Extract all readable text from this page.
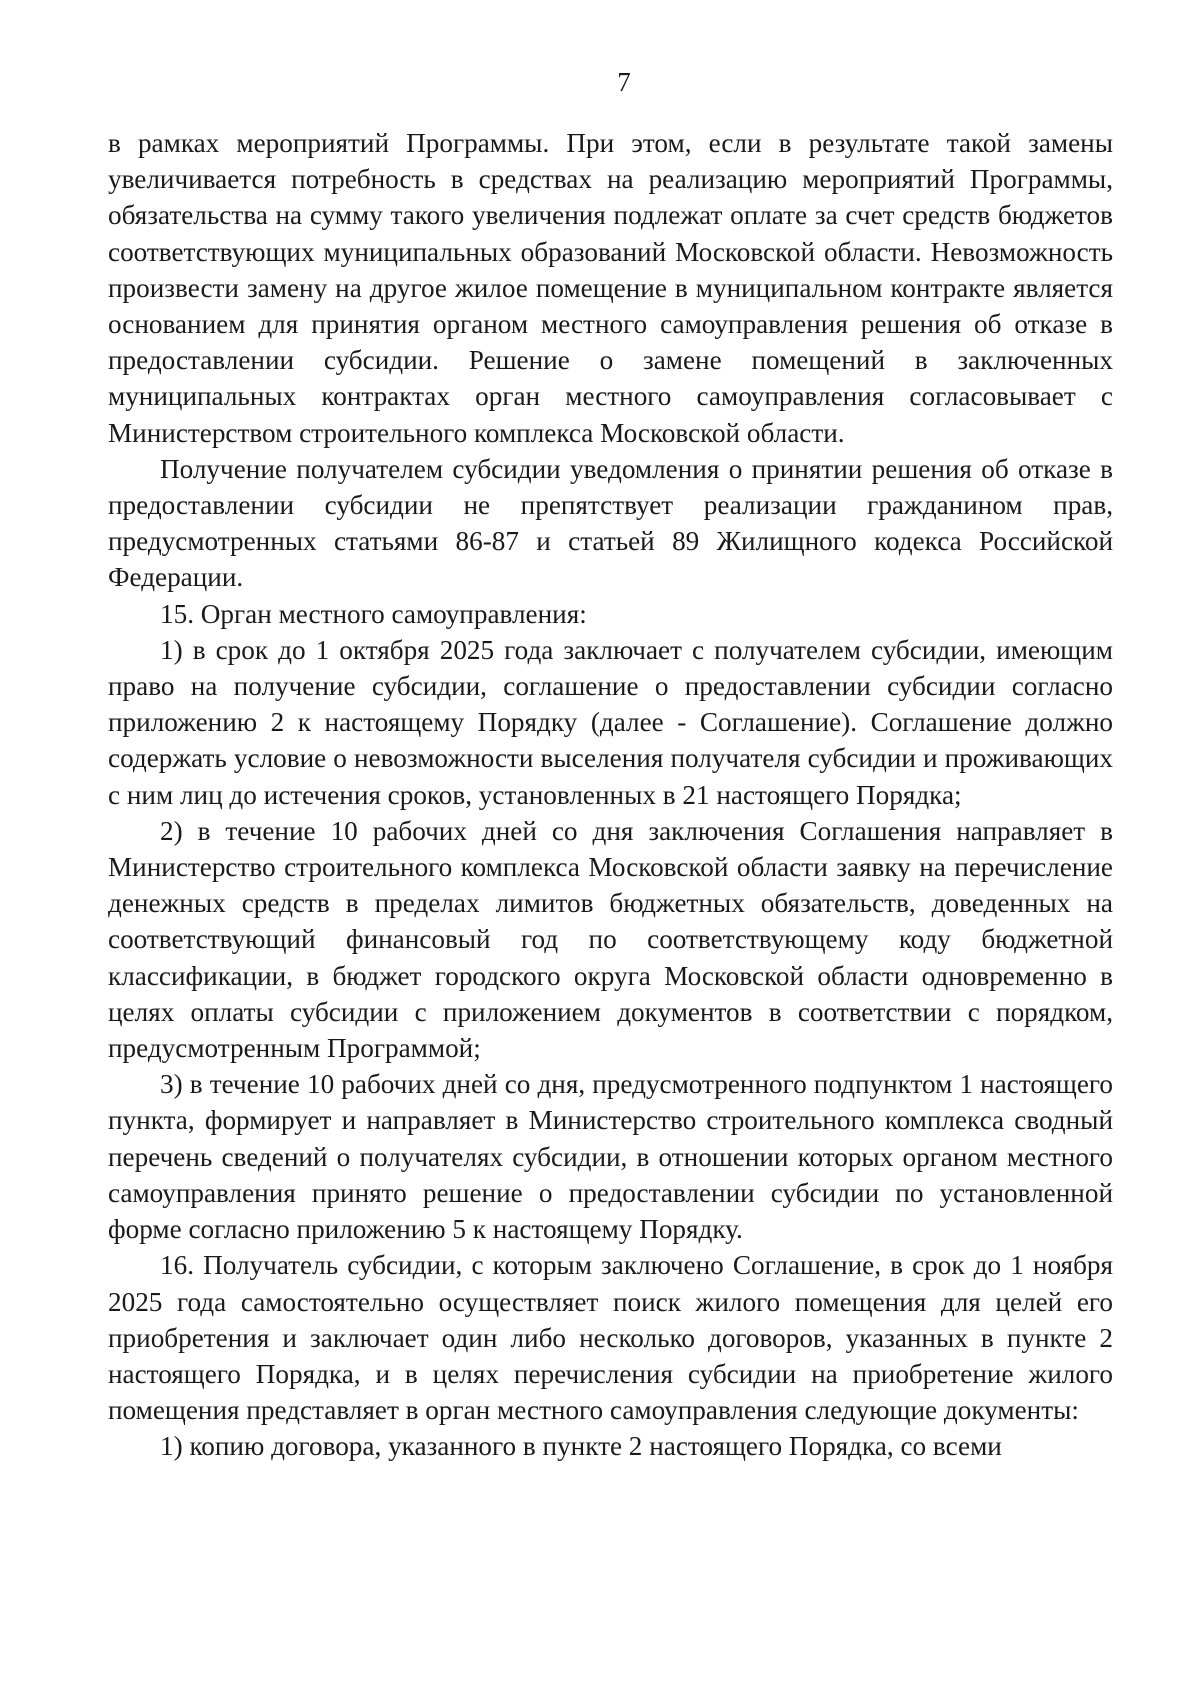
7

в рамках мероприятий Программы. При этом, если в результате такой замены увеличивается потребность в средствах на реализацию мероприятий Программы, обязательства на сумму такого увеличения подлежат оплате за счет средств бюджетов соответствующих муниципальных образований Московской области. Невозможность произвести замену на другое жилое помещение в муниципальном контракте является основанием для принятия органом местного самоуправления решения об отказе в предоставлении субсидии. Решение о замене помещений в заключенных муниципальных контрактах орган местного самоуправления согласовывает с Министерством строительного комплекса Московской области.

Получение получателем субсидии уведомления о принятии решения об отказе в предоставлении субсидии не препятствует реализации гражданином прав, предусмотренных статьями 86-87 и статьей 89 Жилищного кодекса Российской Федерации.

15. Орган местного самоуправления:

1) в срок до 1 октября 2025 года заключает с получателем субсидии, имеющим право на получение субсидии, соглашение о предоставлении субсидии согласно приложению 2 к настоящему Порядку (далее - Соглашение). Соглашение должно содержать условие о невозможности выселения получателя субсидии и проживающих с ним лиц до истечения сроков, установленных в 21 настоящего Порядка;

2) в течение 10 рабочих дней со дня заключения Соглашения направляет в Министерство строительного комплекса Московской области заявку на перечисление денежных средств в пределах лимитов бюджетных обязательств, доведенных на соответствующий финансовый год по соответствующему коду бюджетной классификации, в бюджет городского округа Московской области одновременно в целях оплаты субсидии с приложением документов в соответствии с порядком, предусмотренным Программой;

3) в течение 10 рабочих дней со дня, предусмотренного подпунктом 1 настоящего пункта, формирует и направляет в Министерство строительного комплекса сводный перечень сведений о получателях субсидии, в отношении которых органом местного самоуправления принято решение о предоставлении субсидии по установленной форме согласно приложению 5 к настоящему Порядку.

16. Получатель субсидии, с которым заключено Соглашение, в срок до 1 ноября 2025 года самостоятельно осуществляет поиск жилого помещения для целей его приобретения и заключает один либо несколько договоров, указанных в пункте 2 настоящего Порядка, и в целях перечисления субсидии на приобретение жилого помещения представляет в орган местного самоуправления следующие документы:

1) копию договора, указанного в пункте 2 настоящего Порядка, со всеми
